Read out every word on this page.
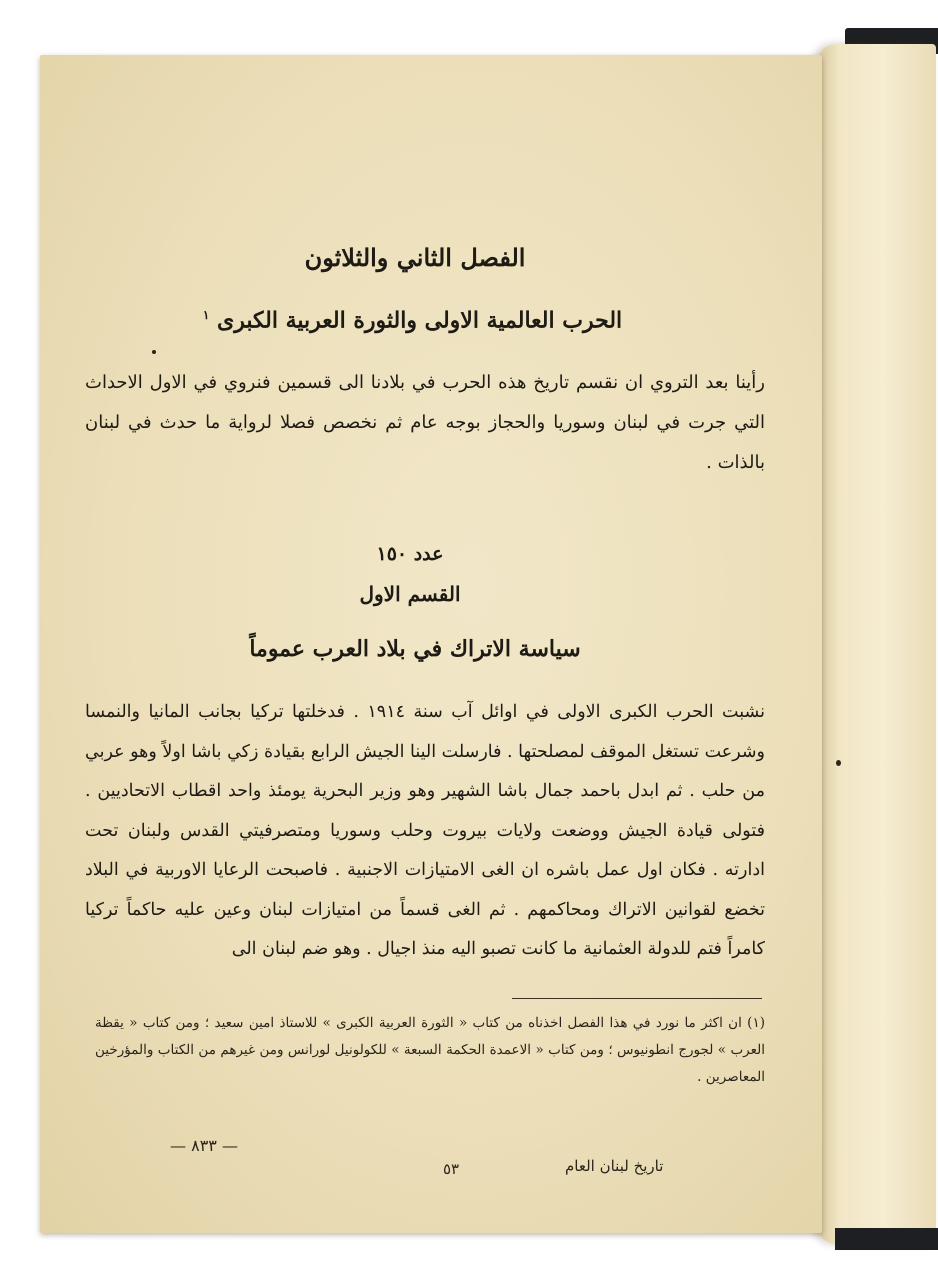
الفصل الثاني والثلاثون
الحرب العالمية الاولى والثورة العربية الكبرى $^١$

رأينا بعد التروي ان نقسم تاريخ هذه الحرب في بلادنا الى قسمين فنروي في الاول الاحداث التي جرت في لبنان وسوريا والحجاز بوجه عام ثم نخصص فصلا لرواية ما حدث في لبنان بالذات .

عدد ١٥٠
القسم الاول
سياسة الاتراك في بلاد العرب عموماً

نشبت الحرب الكبرى الاولى في اوائل آب سنة ١٩١٤ . فدخلتها تركيا بجانب المانيا والنمسا وشرعت تستغل الموقف لمصلحتها . فارسلت الينا الجيش الرابع بقيادة زكي باشا اولاً وهو عربي من حلب . ثم ابدل باحمد جمال باشا الشهير وهو وزير البحرية يومئذ واحد اقطاب الاتحاديين . فتولى قيادة الجيش ووضعت ولايات بيروت وحلب وسوريا ومتصرفيتي القدس ولبنان تحت ادارته . فكان اول عمل باشره ان الغى الامتيازات الاجنبية . فاصبحت الرعايا الاوربية في البلاد تخضع لقوانين الاتراك ومحاكمهم . ثم الغى قسماً من امتيازات لبنان وعين عليه حاكماً تركيا كامراً فتم للدولة العثمانية ما كانت تصبو اليه منذ اجيال . وهو ضم لبنان الى

(١) ان اكثر ما نورد في هذا الفصل اخذناه من كتاب « الثورة العربية الكبرى » للاستاذ امين سعيد ؛ ومن كتاب « يقظة العرب » لجورج انطونيوس ؛ ومن كتاب « الاعمدة الحكمة السبعة » للكولونيل لورانس ومن غيرهم من الكتاب والمؤرخين المعاصرين .
— ٨٣٣ —
٥٣	تاريخ لبنان العام
